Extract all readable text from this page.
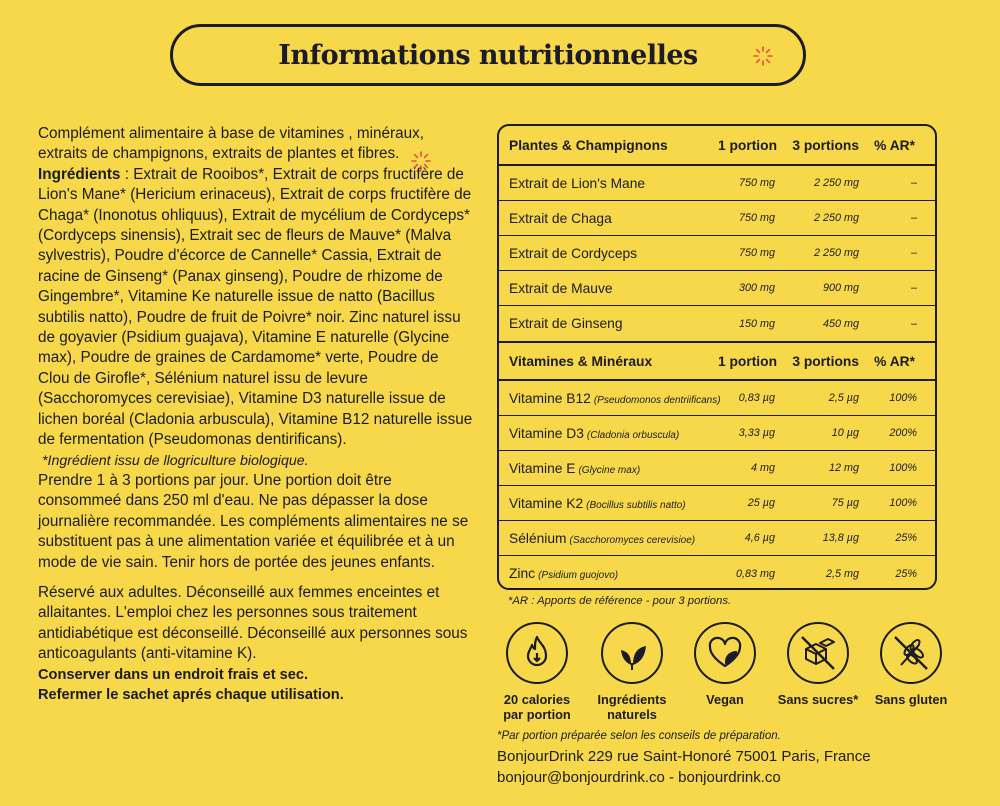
Informations nutritionnelles

Complément alimentaire à base de vitamines , minéraux, extraits de champignons, extraits de plantes et fibres.

Ingrédients : Extrait de Rooibos*, Extrait de corps fructifère de Lion's Mane* (Hericium erinaceus), Extrait de corps fructifère de Chaga* (Inonotus ohliquus), Extrait de mycélium de Cordyceps* (Cordyceps sinensis), Extrait sec de fleurs de Mauve* (Malva sylvestris), Poudre d'écorce de Cannelle* Cassia, Extrait de racine de Ginseng* (Panax ginseng), Poudre de rhizome de Gingembre*, Vitamine Ke naturelle issue de natto (Bacillus subtilis natto), Poudre de fruit de Poivre* noir. Zinc naturel issu de goyavier (Psidium guajava), Vitamine E naturelle (Glycine max), Poudre de graines de Cardamome* verte, Poudre de Clou de Girofle*, Sélénium naturel issu de levure (Sacchoromyces cerevisiae), Vitamine D3 naturelle issue de lichen boréal (Cladonia arbuscula), Vitamine B12 naturelle issue de fermentation (Pseudomonas dentirificans).

*Ingrédient issu de llogriculture biologique.

Prendre 1 à 3 portions par jour. Une portion doit être consommeé dans 250 ml d'eau. Ne pas dépasser la dose journalière recommandée. Les compléments alimentaires ne se substituent pas à une alimentation variée et équilibrée et à un mode de vie sain. Tenir hors de portée des jeunes enfants.

Réservé aux adultes. Déconseillé aux femmes enceintes et allaitantes. L'emploi chez les personnes sous traitement antidiabétique est déconseillé. Déconseillé aux personnes sous anticoagulants (anti-vitamine K).

Conserver dans un endroit frais et sec.

Refermer le sachet aprés chaque utilisation.

Plantes & Champignons	1 portion 3 portions % AR*
Extrait de Lion's Mane	750 mg	2 250 mg	–
Extrait de Chaga	750 mg	2 250 mg	–
Extrait de Cordyceps	750 mg	2 250 mg	–
Extrait de Mauve	300 mg	900 mg	–
Extrait de Ginseng	150 mg	450 mg	–
Vitamines & Minéraux	1 portion 3 portions % AR*
Vitamine B12 (Pseudomonos dentriificans) 0,83 µg	2,5 µg	100%
Vitamine D3 (Cladonia orbuscula)	3,33 µg	10 µg	200%
Vitamine E (Glycine max)	4 mg	12 mg	100%
Vitamine K2 (Bocillus subtilis natto)	25 µg	75 µg	100%
Sélénium (Sacchoromyces cerevisioe)	4,6 µg	13,8 µg	25%
Zinc (Psidium guojovo)	0,83 mg	2,5 mg	25%

*AR : Apports de référence - pour 3 portions.

20 calories
par portion
Ingrédients
naturels
Vegan	Sans sucres*	Sans gluten

*Par portion préparée selon les conseils de préparation.

BonjourDrink 229 rue Saint-Honoré 75001 Paris, France

bonjour@bonjourdrink.co - bonjourdrink.co
